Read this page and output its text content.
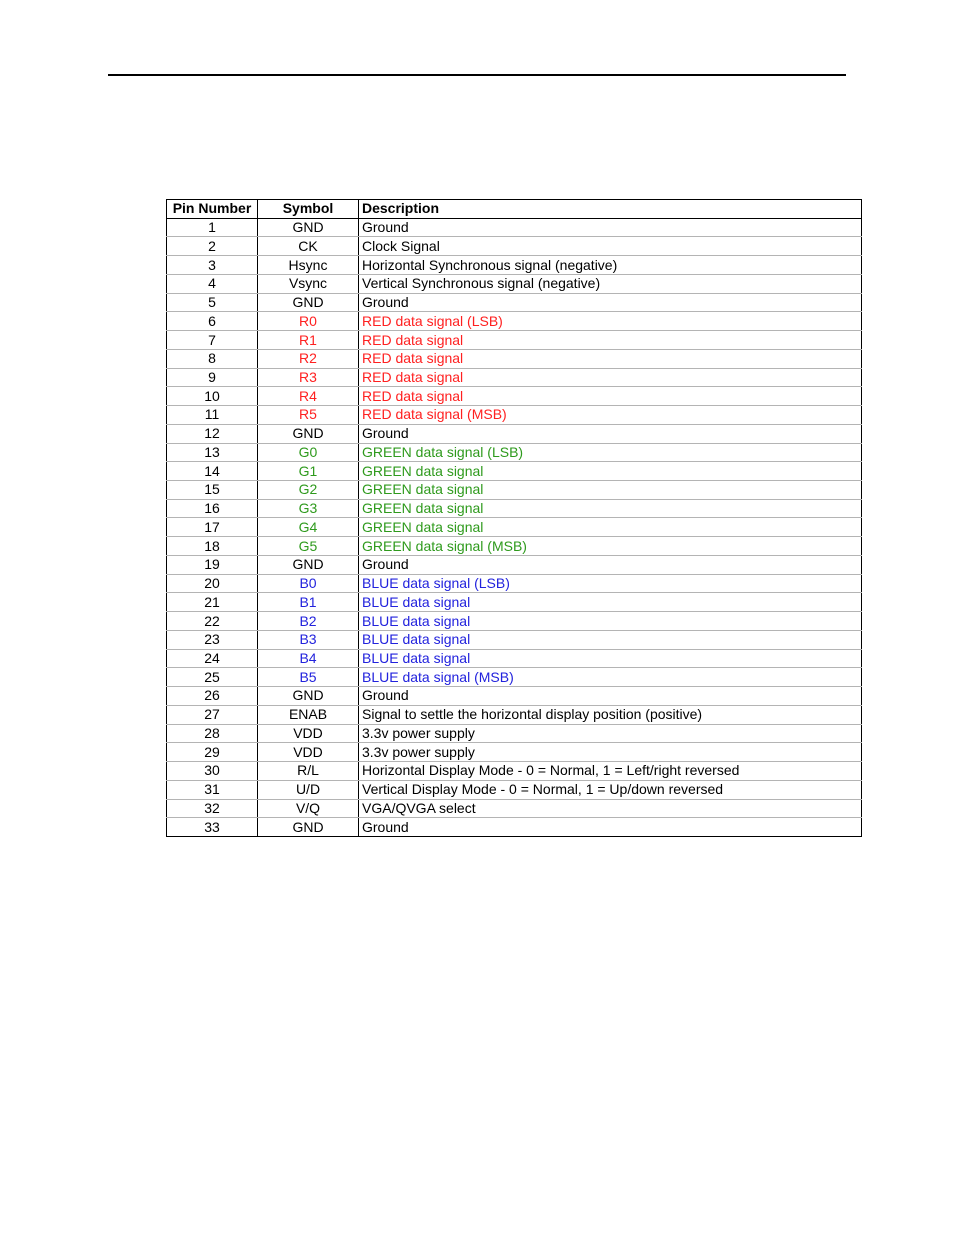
Pin Number	Symbol	Description
1	GND	Ground
2	CK	Clock Signal
3	Hsync	Horizontal Synchronous signal (negative)
4	Vsync	Vertical Synchronous signal (negative)
5	GND	Ground
6	R0	RED data signal (LSB)
7	R1	RED data signal
8	R2	RED data signal
9	R3	RED data signal
10	R4	RED data signal
11	R5	RED data signal (MSB)
12	GND	Ground
13	G0	GREEN data signal (LSB)
14	G1	GREEN data signal
15	G2	GREEN data signal
16	G3	GREEN data signal
17	G4	GREEN data signal
18	G5	GREEN data signal (MSB)
19	GND	Ground
20	B0	BLUE data signal (LSB)
21	B1	BLUE data signal
22	B2	BLUE data signal
23	B3	BLUE data signal
24	B4	BLUE data signal
25	B5	BLUE data signal (MSB)
26	GND	Ground
27	ENAB	Signal to settle the horizontal display position (positive)
28	VDD	3.3v power supply
29	VDD	3.3v power supply
30	R/L	Horizontal Display Mode - 0 = Normal, 1 = Left/right reversed
31	U/D	Vertical Display Mode - 0 = Normal, 1 = Up/down reversed
32	V/Q	VGA/QVGA select
33	GND	Ground
